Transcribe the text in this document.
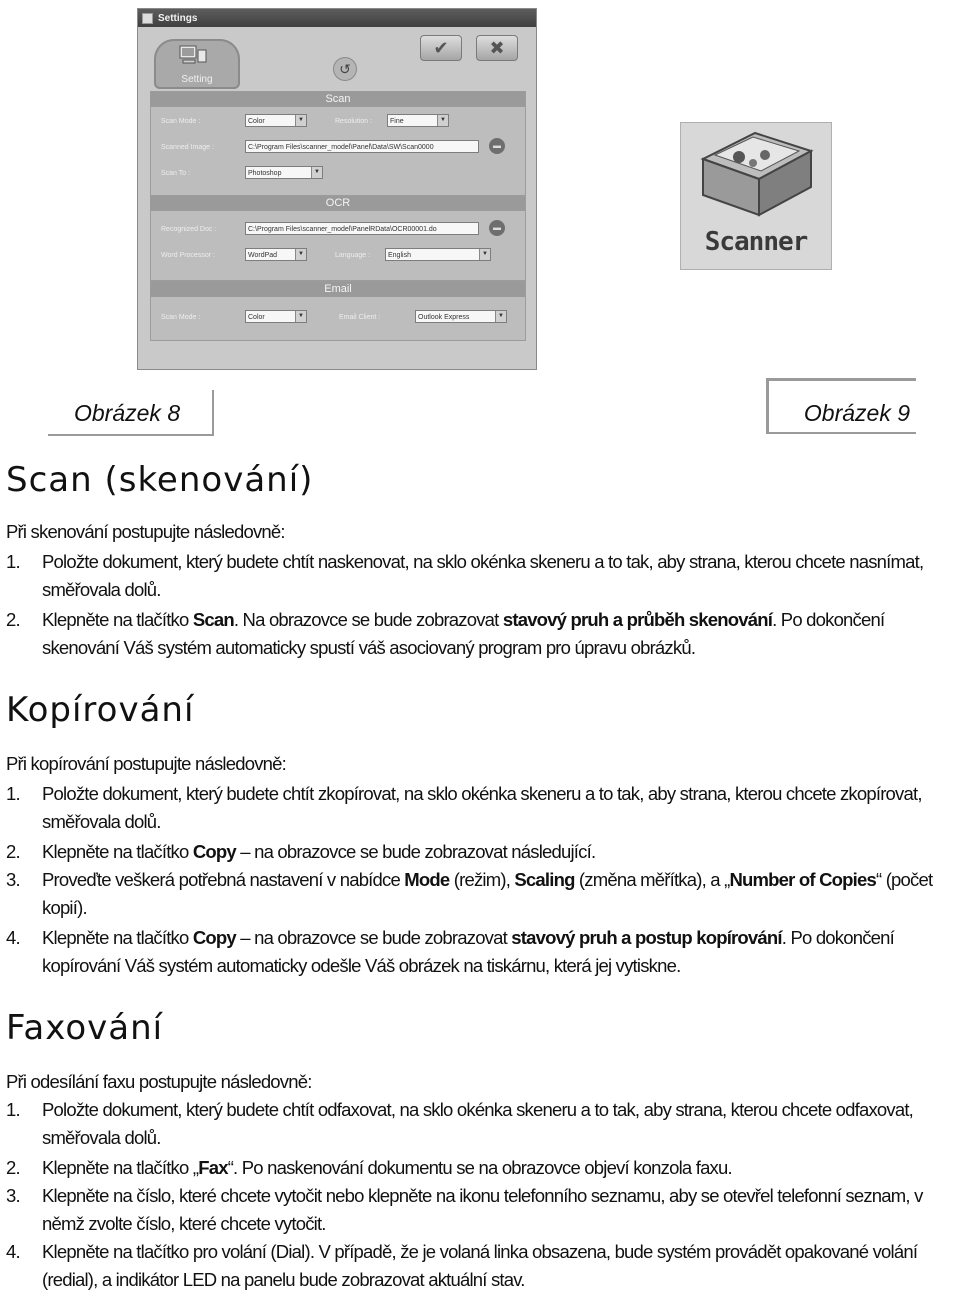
Settings
Setting
↺
✔ ✖
Scan
Scan Mode :	Color	▼	Resolution :	Fine	▼
Scanned Image :	C:\Program Files\scanner_model\Panel\Data\SW\Scan0000	▬
Scan To :	Photoshop	▼
OCR
Recognized Doc :	C:\Program Files\scanner_model\PanelRData\OCR00001.do	▬
Word Processor :	WordPad	▼	Language :	English	▼
Email
Scan Mode :	Color	▼	Email Client :	Outlook Express	▼
Scanner
Obrázek 8	Obrázek 9
Scan (skenování)
Při skenování postupujte následovně:
1. Položte dokument, který budete chtít naskenovat, na sklo okénka skeneru a to tak, aby strana, kterou chcete nasnímat, směřovala dolů.
2. Klepněte na tlačítko Scan. Na obrazovce se bude zobrazovat stavový pruh a průběh skenování. Po dokončení skenování Váš systém automaticky spustí váš asociovaný program pro úpravu obrázků.
Kopírování
Při kopírování postupujte následovně:
1. Položte dokument, který budete chtít zkopírovat, na sklo okénka skeneru a to tak, aby strana, kterou chcete zkopírovat, směřovala dolů.
2. Klepněte na tlačítko Copy – na obrazovce se bude zobrazovat následující.
3. Proveďte veškerá potřebná nastavení v nabídce Mode (režim), Scaling (změna měřítka), a „Number of Copies“ (počet kopií).
4. Klepněte na tlačítko Copy – na obrazovce se bude zobrazovat stavový pruh a postup kopírování. Po dokončení kopírování Váš systém automaticky odešle Váš obrázek na tiskárnu, která jej vytiskne.
Faxování
Při odesílání faxu postupujte následovně:
1. Položte dokument, který budete chtít odfaxovat, na sklo okénka skeneru a to tak, aby strana, kterou chcete odfaxovat, směřovala dolů.
2. Klepněte na tlačítko „Fax“. Po naskenování dokumentu se na obrazovce objeví konzola faxu.
3. Klepněte na číslo, které chcete vytočit nebo klepněte na ikonu telefonního seznamu, aby se otevřel telefonní seznam, v němž zvolte číslo, které chcete vytočit.
4. Klepněte na tlačítko pro volání (Dial). V případě, že je volaná linka obsazena, bude systém provádět opakované volání (redial), a indikátor LED na panelu bude zobrazovat aktuální stav.
